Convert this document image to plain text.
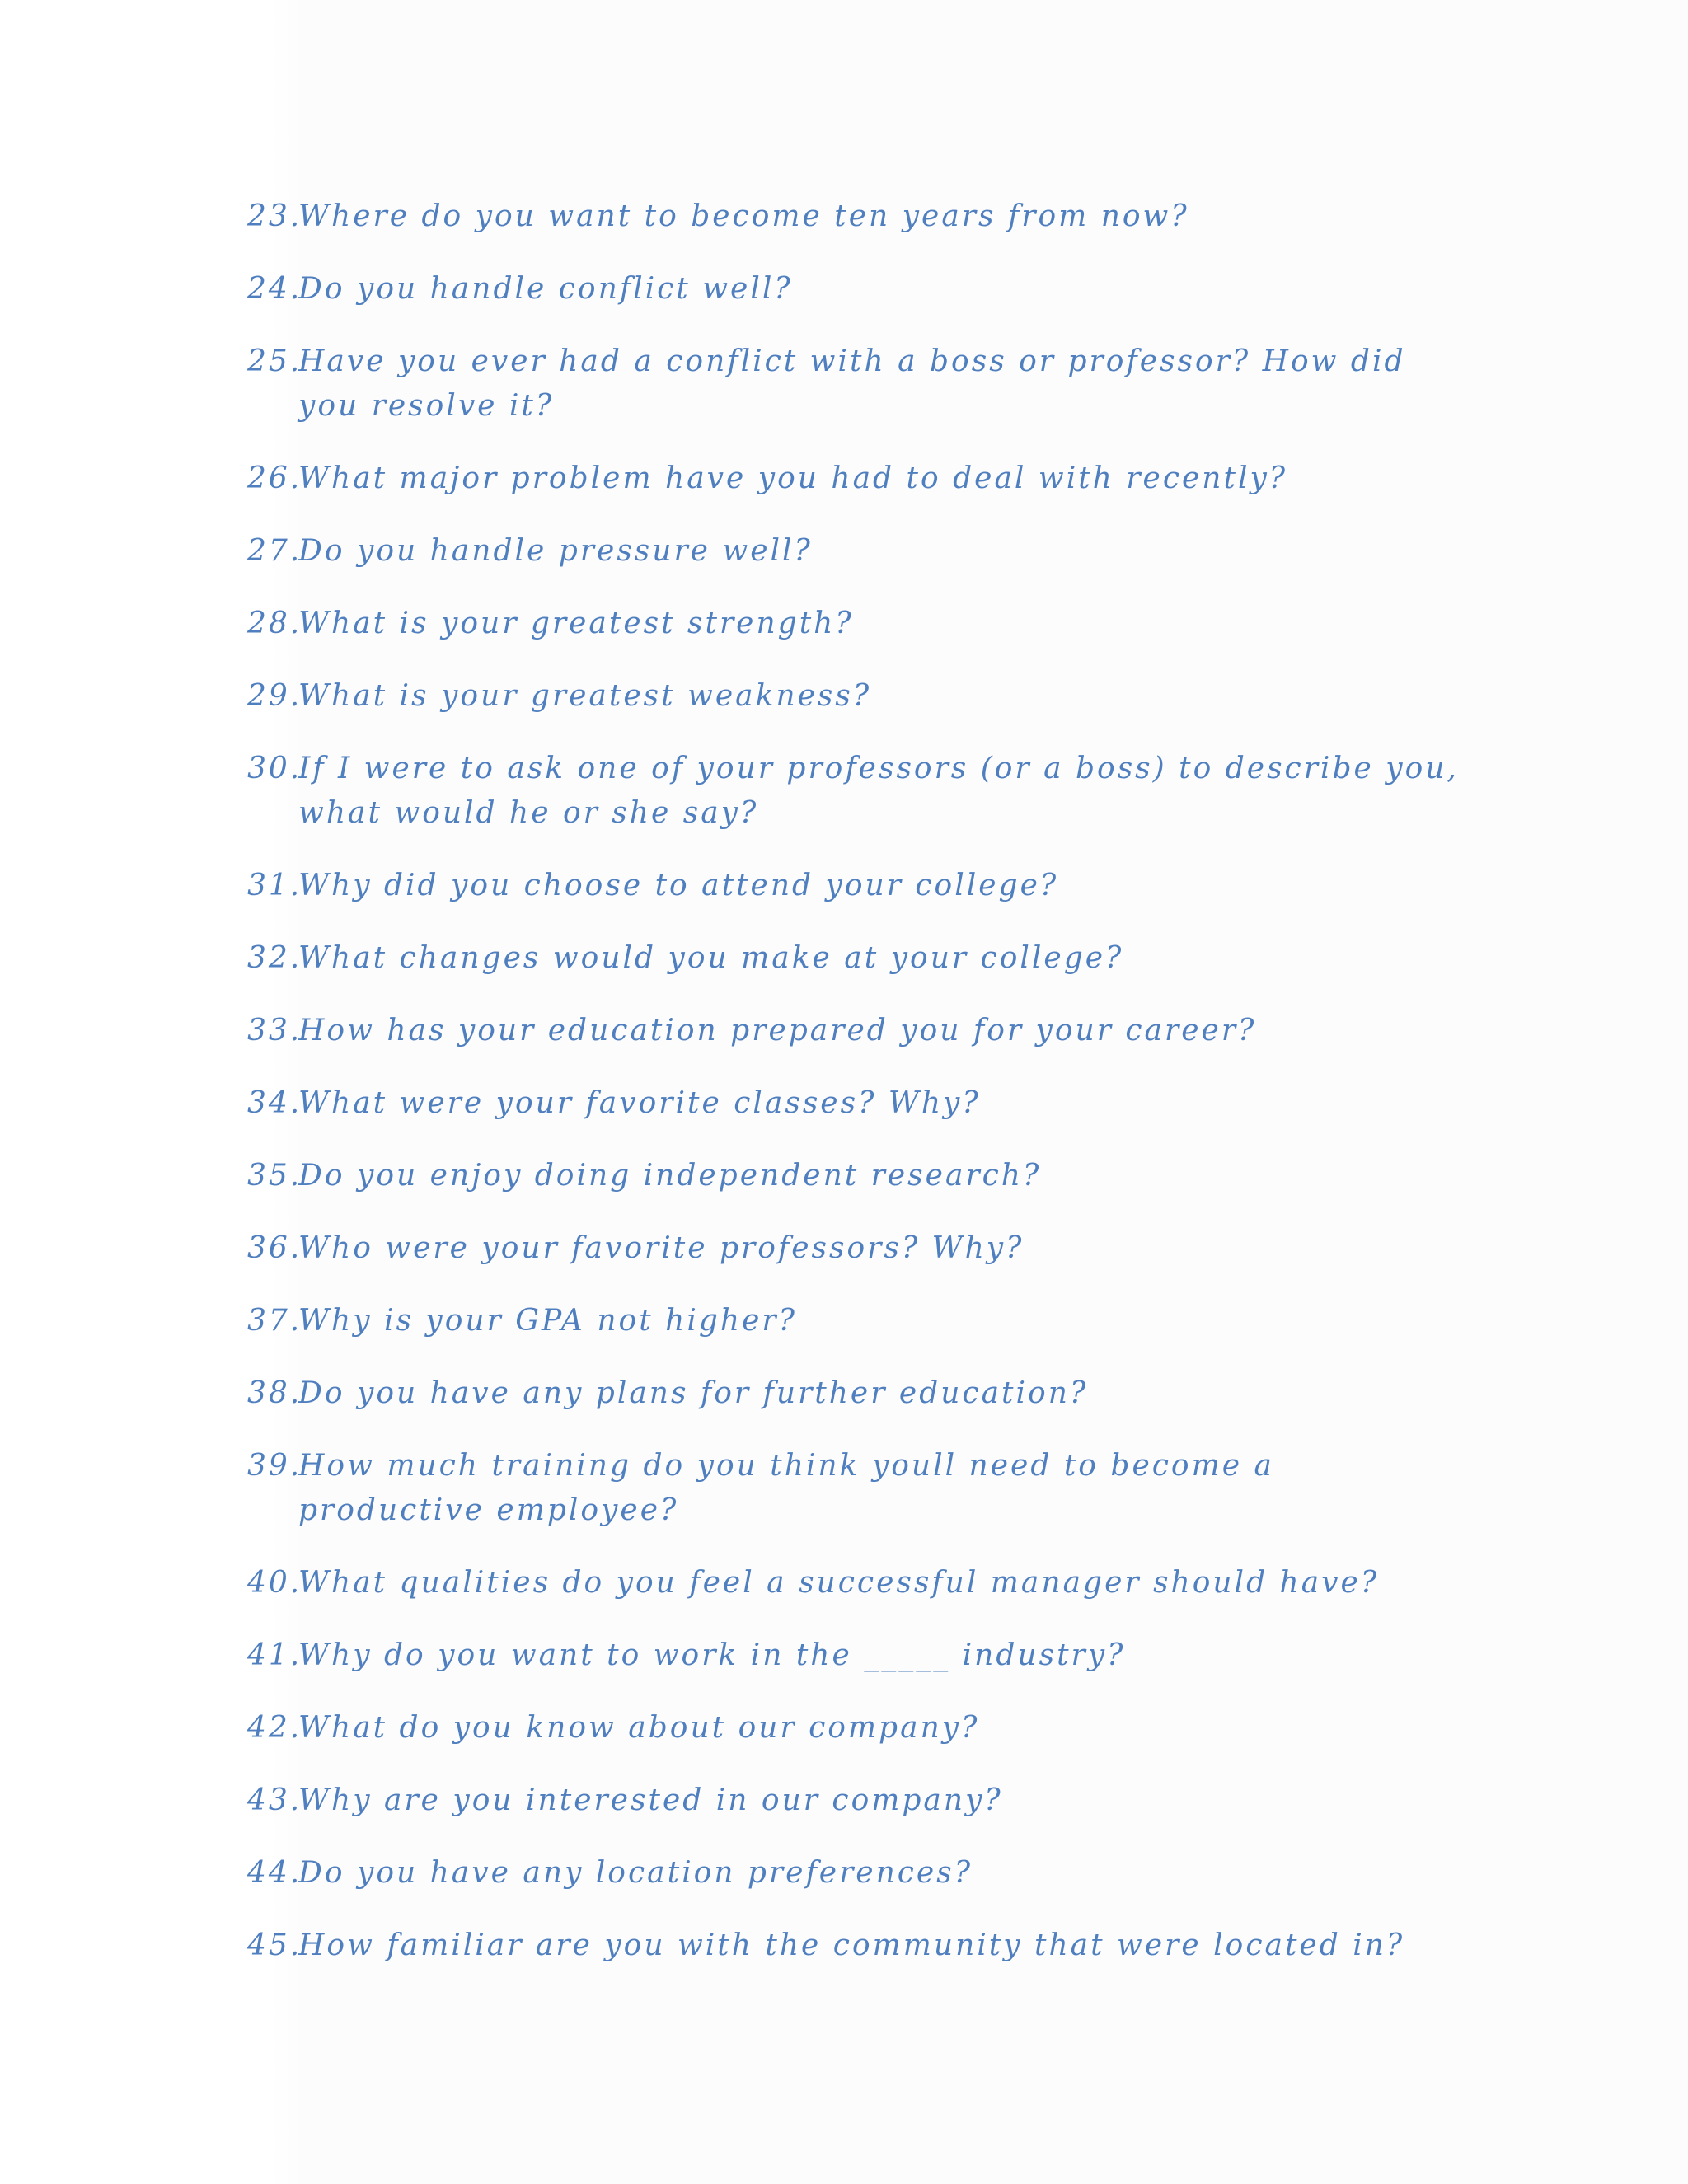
23.
Where do you want to become ten years from now?
24.
Do you handle conflict well?
25.
Have you ever had a conflict with a boss or professor? How did you resolve it?
26.
What major problem have you had to deal with recently?
27.
Do you handle pressure well?
28.
What is your greatest strength?
29.
What is your greatest weakness?
30.
If I were to ask one of your professors (or a boss) to describe you, what would he or she say?
31.
Why did you choose to attend your college?
32.
What changes would you make at your college?
33.
How has your education prepared you for your career?
34.
What were your favorite classes? Why?
35.
Do you enjoy doing independent research?
36.
Who were your favorite professors? Why?
37.
Why is your GPA not higher?
38.
Do you have any plans for further education?
39.
How much training do you think youll need to become a productive employee?
40.
What qualities do you feel a successful manager should have?
41.
Why do you want to work in the _____ industry?
42.
What do you know about our company?
43.
Why are you interested in our company?
44.
Do you have any location preferences?
45.
How familiar are you with the community that were located in?
